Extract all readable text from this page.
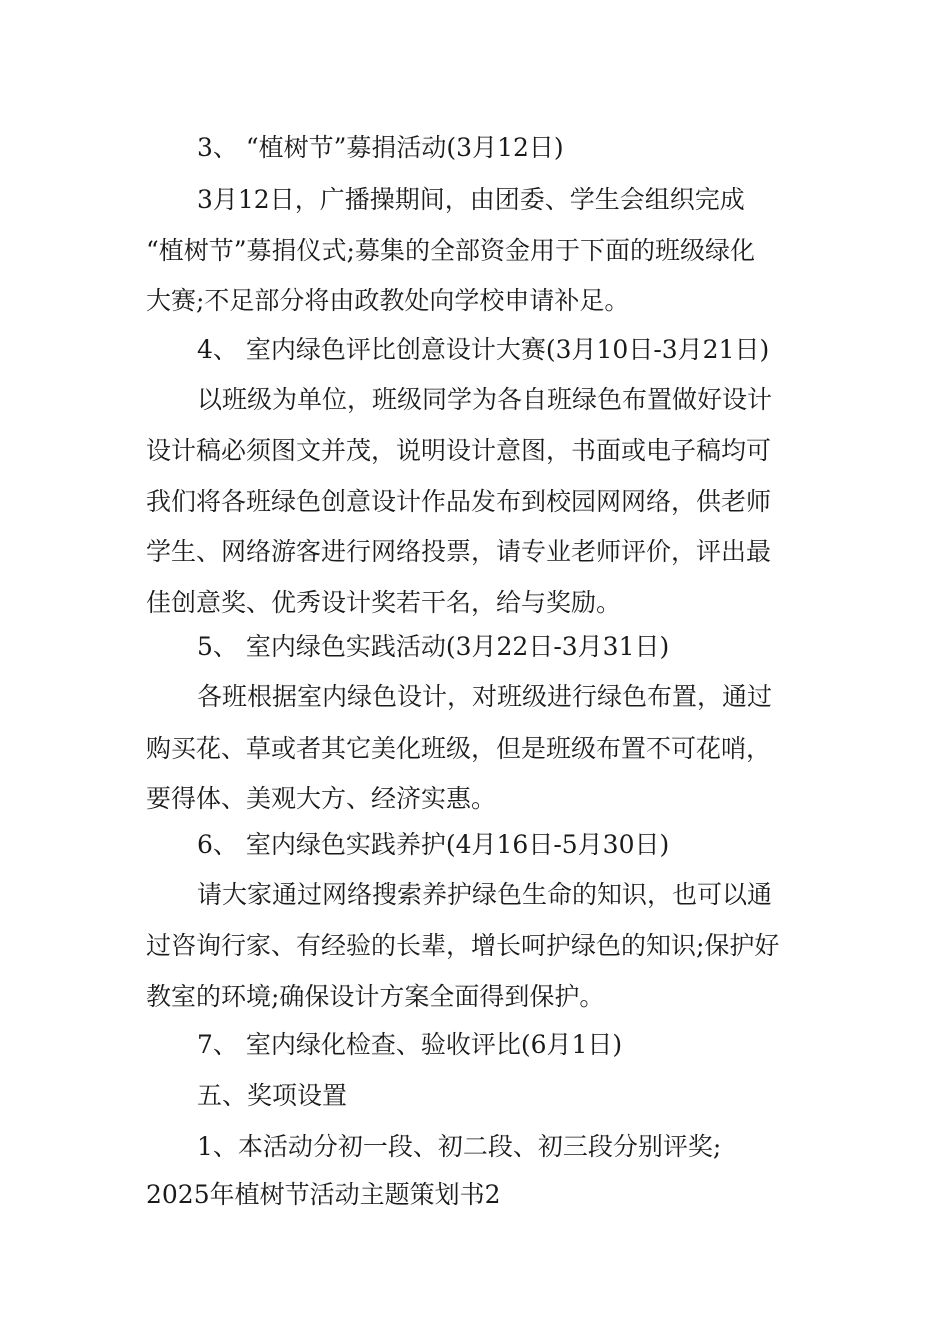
3、 “植树节”募捐活动(3月12日)
3月12日，广播操期间，由团委、学生会组织完成
“植树节”募捐仪式;募集的全部资金用于下面的班级绿化
大赛;不足部分将由政教处向学校申请补足。
4、 室内绿色评比创意设计大赛(3月10日-3月21日)
以班级为单位，班级同学为各自班绿色布置做好设计
设计稿必须图文并茂，说明设计意图，书面或电子稿均可
我们将各班绿色创意设计作品发布到校园网网络，供老师
学生、网络游客进行网络投票，请专业老师评价，评出最
佳创意奖、优秀设计奖若干名，给与奖励。
5、 室内绿色实践活动(3月22日-3月31日)
各班根据室内绿色设计，对班级进行绿色布置，通过
购买花、草或者其它美化班级，但是班级布置不可花哨，
要得体、美观大方、经济实惠。
6、 室内绿色实践养护(4月16日-5月30日)
请大家通过网络搜索养护绿色生命的知识，也可以通
过咨询行家、有经验的长辈，增长呵护绿色的知识;保护好
教室的环境;确保设计方案全面得到保护。
7、 室内绿化检查、验收评比(6月1日)
五、奖项设置
1、本活动分初一段、初二段、初三段分别评奖;
2025年植树节活动主题策划书2
